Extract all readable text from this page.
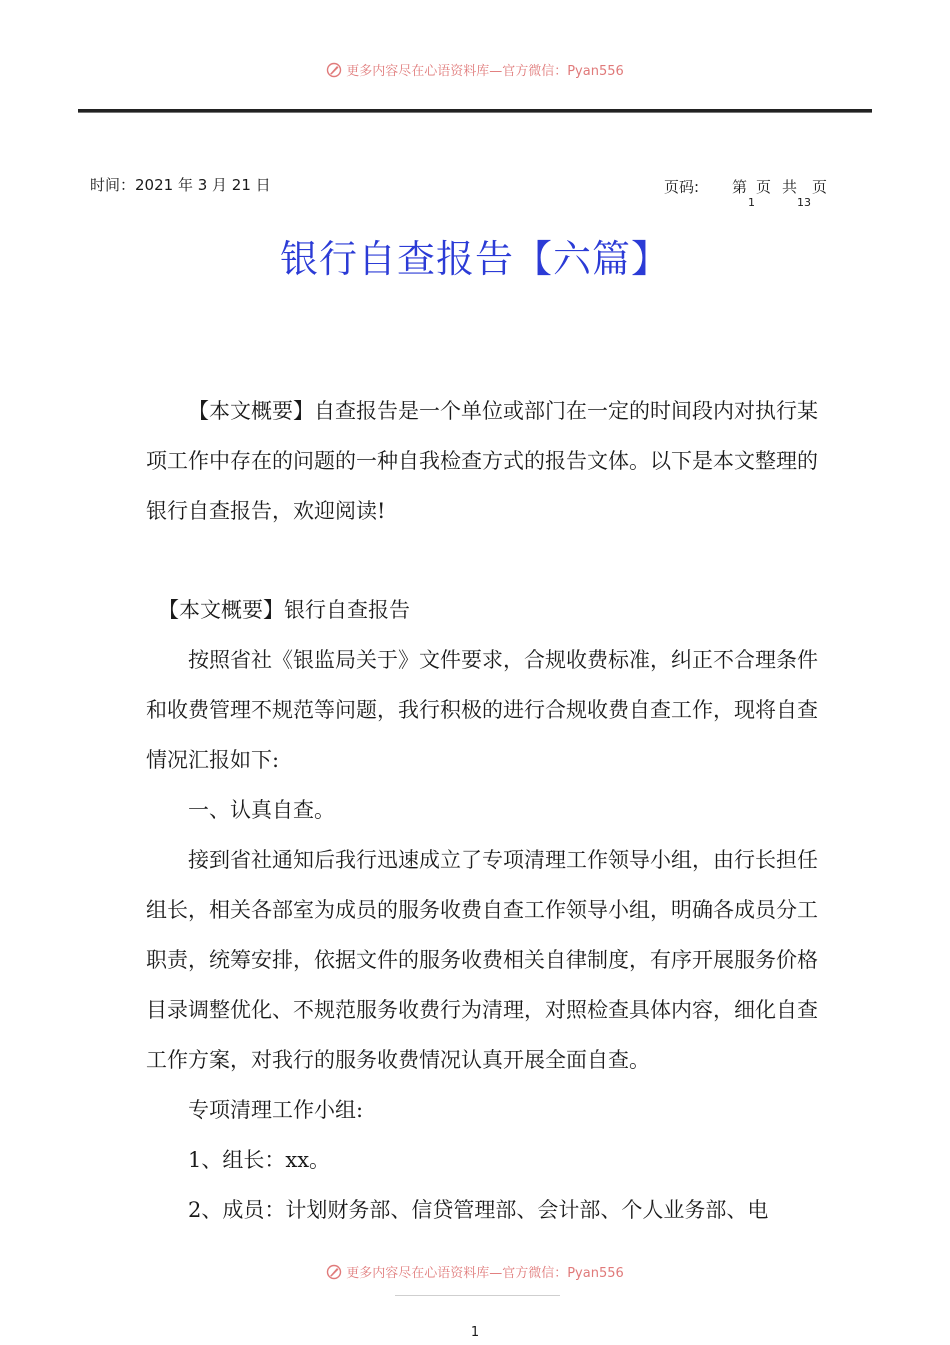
更多内容尽在心语资料库—官方微信：Pyan556
时间：2021 年 3 月 21 日	页码: 第 页 共 页
1	13
银行自查报告【六篇】

【本文概要】自查报告是一个单位或部门在一定的时间段内对执行某项工作中存在的问题的一种自我检查方式的报告文体。以下是本文整理的银行自查报告，欢迎阅读!

【本文概要】银行自查报告

按照省社《银监局关于》文件要求，合规收费标准，纠正不合理条件和收费管理不规范等问题，我行积极的进行合规收费自查工作，现将自查情况汇报如下:

一、认真自查。

接到省社通知后我行迅速成立了专项清理工作领导小组，由行长担任组长，相关各部室为成员的服务收费自查工作领导小组，明确各成员分工职责，统筹安排，依据文件的服务收费相关自律制度，有序开展服务价格目录调整优化、不规范服务收费行为清理，对照检查具体内容，细化自查工作方案，对我行的服务收费情况认真开展全面自查。

专项清理工作小组:

1、组长：xx。

2、成员：计划财务部、信贷管理部、会计部、个人业务部、电

更多内容尽在心语资料库—官方微信：Pyan556
1
